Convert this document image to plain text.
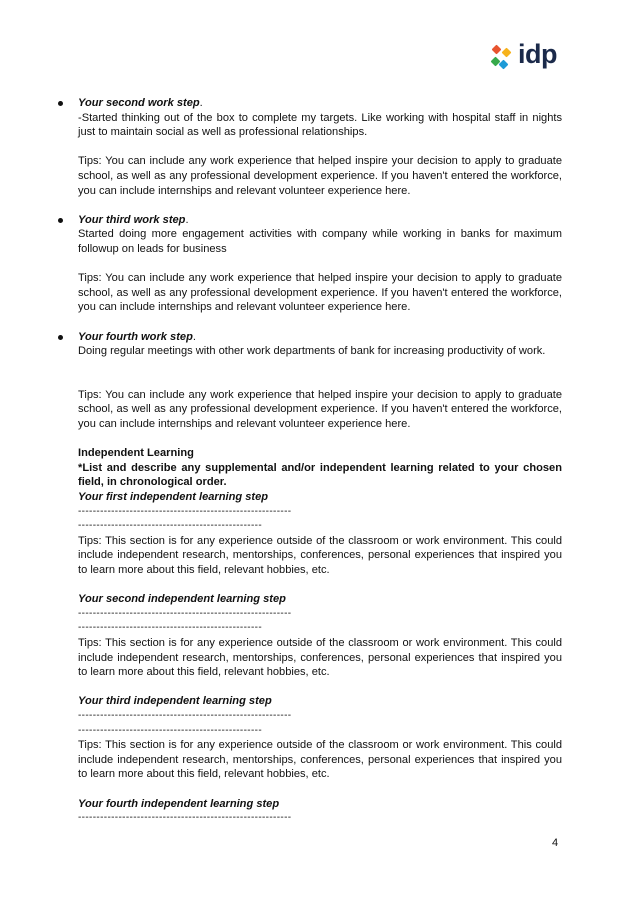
idp

Your second work step.

-Started thinking out of the box to complete my targets. Like working with hospital staff in nights just to maintain social as well as professional relationships.

Tips: You can include any work experience that helped inspire your decision to apply to graduate school, as well as any professional development experience. If you haven't entered the workforce, you can include internships and relevant volunteer experience here.

Your third work step.

Started doing more engagement activities with company while working in banks for maximum followup on leads for business

Tips: You can include any work experience that helped inspire your decision to apply to graduate school, as well as any professional development experience. If you haven't entered the workforce, you can include internships and relevant volunteer experience here.

Your fourth work step.

Doing regular meetings with other work departments of bank for increasing productivity of work.

Tips: You can include any work experience that helped inspire your decision to apply to graduate school, as well as any professional development experience. If you haven't entered the workforce, you can include internships and relevant volunteer experience here.

Independent Learning

*List and describe any supplemental and/or independent learning related to your chosen field, in chronological order.

Your first independent learning step

----------------------------------------------------------
--------------------------------------------------

Tips: This section is for any experience outside of the classroom or work environment. This could include independent research, mentorships, conferences, personal experiences that inspired you to learn more about this field, relevant hobbies, etc.

Your second independent learning step

----------------------------------------------------------
--------------------------------------------------

Tips: This section is for any experience outside of the classroom or work environment. This could include independent research, mentorships, conferences, personal experiences that inspired you to learn more about this field, relevant hobbies, etc.

Your third independent learning step

----------------------------------------------------------
--------------------------------------------------

Tips: This section is for any experience outside of the classroom or work environment. This could include independent research, mentorships, conferences, personal experiences that inspired you to learn more about this field, relevant hobbies, etc.

Your fourth independent learning step

----------------------------------------------------------
4
